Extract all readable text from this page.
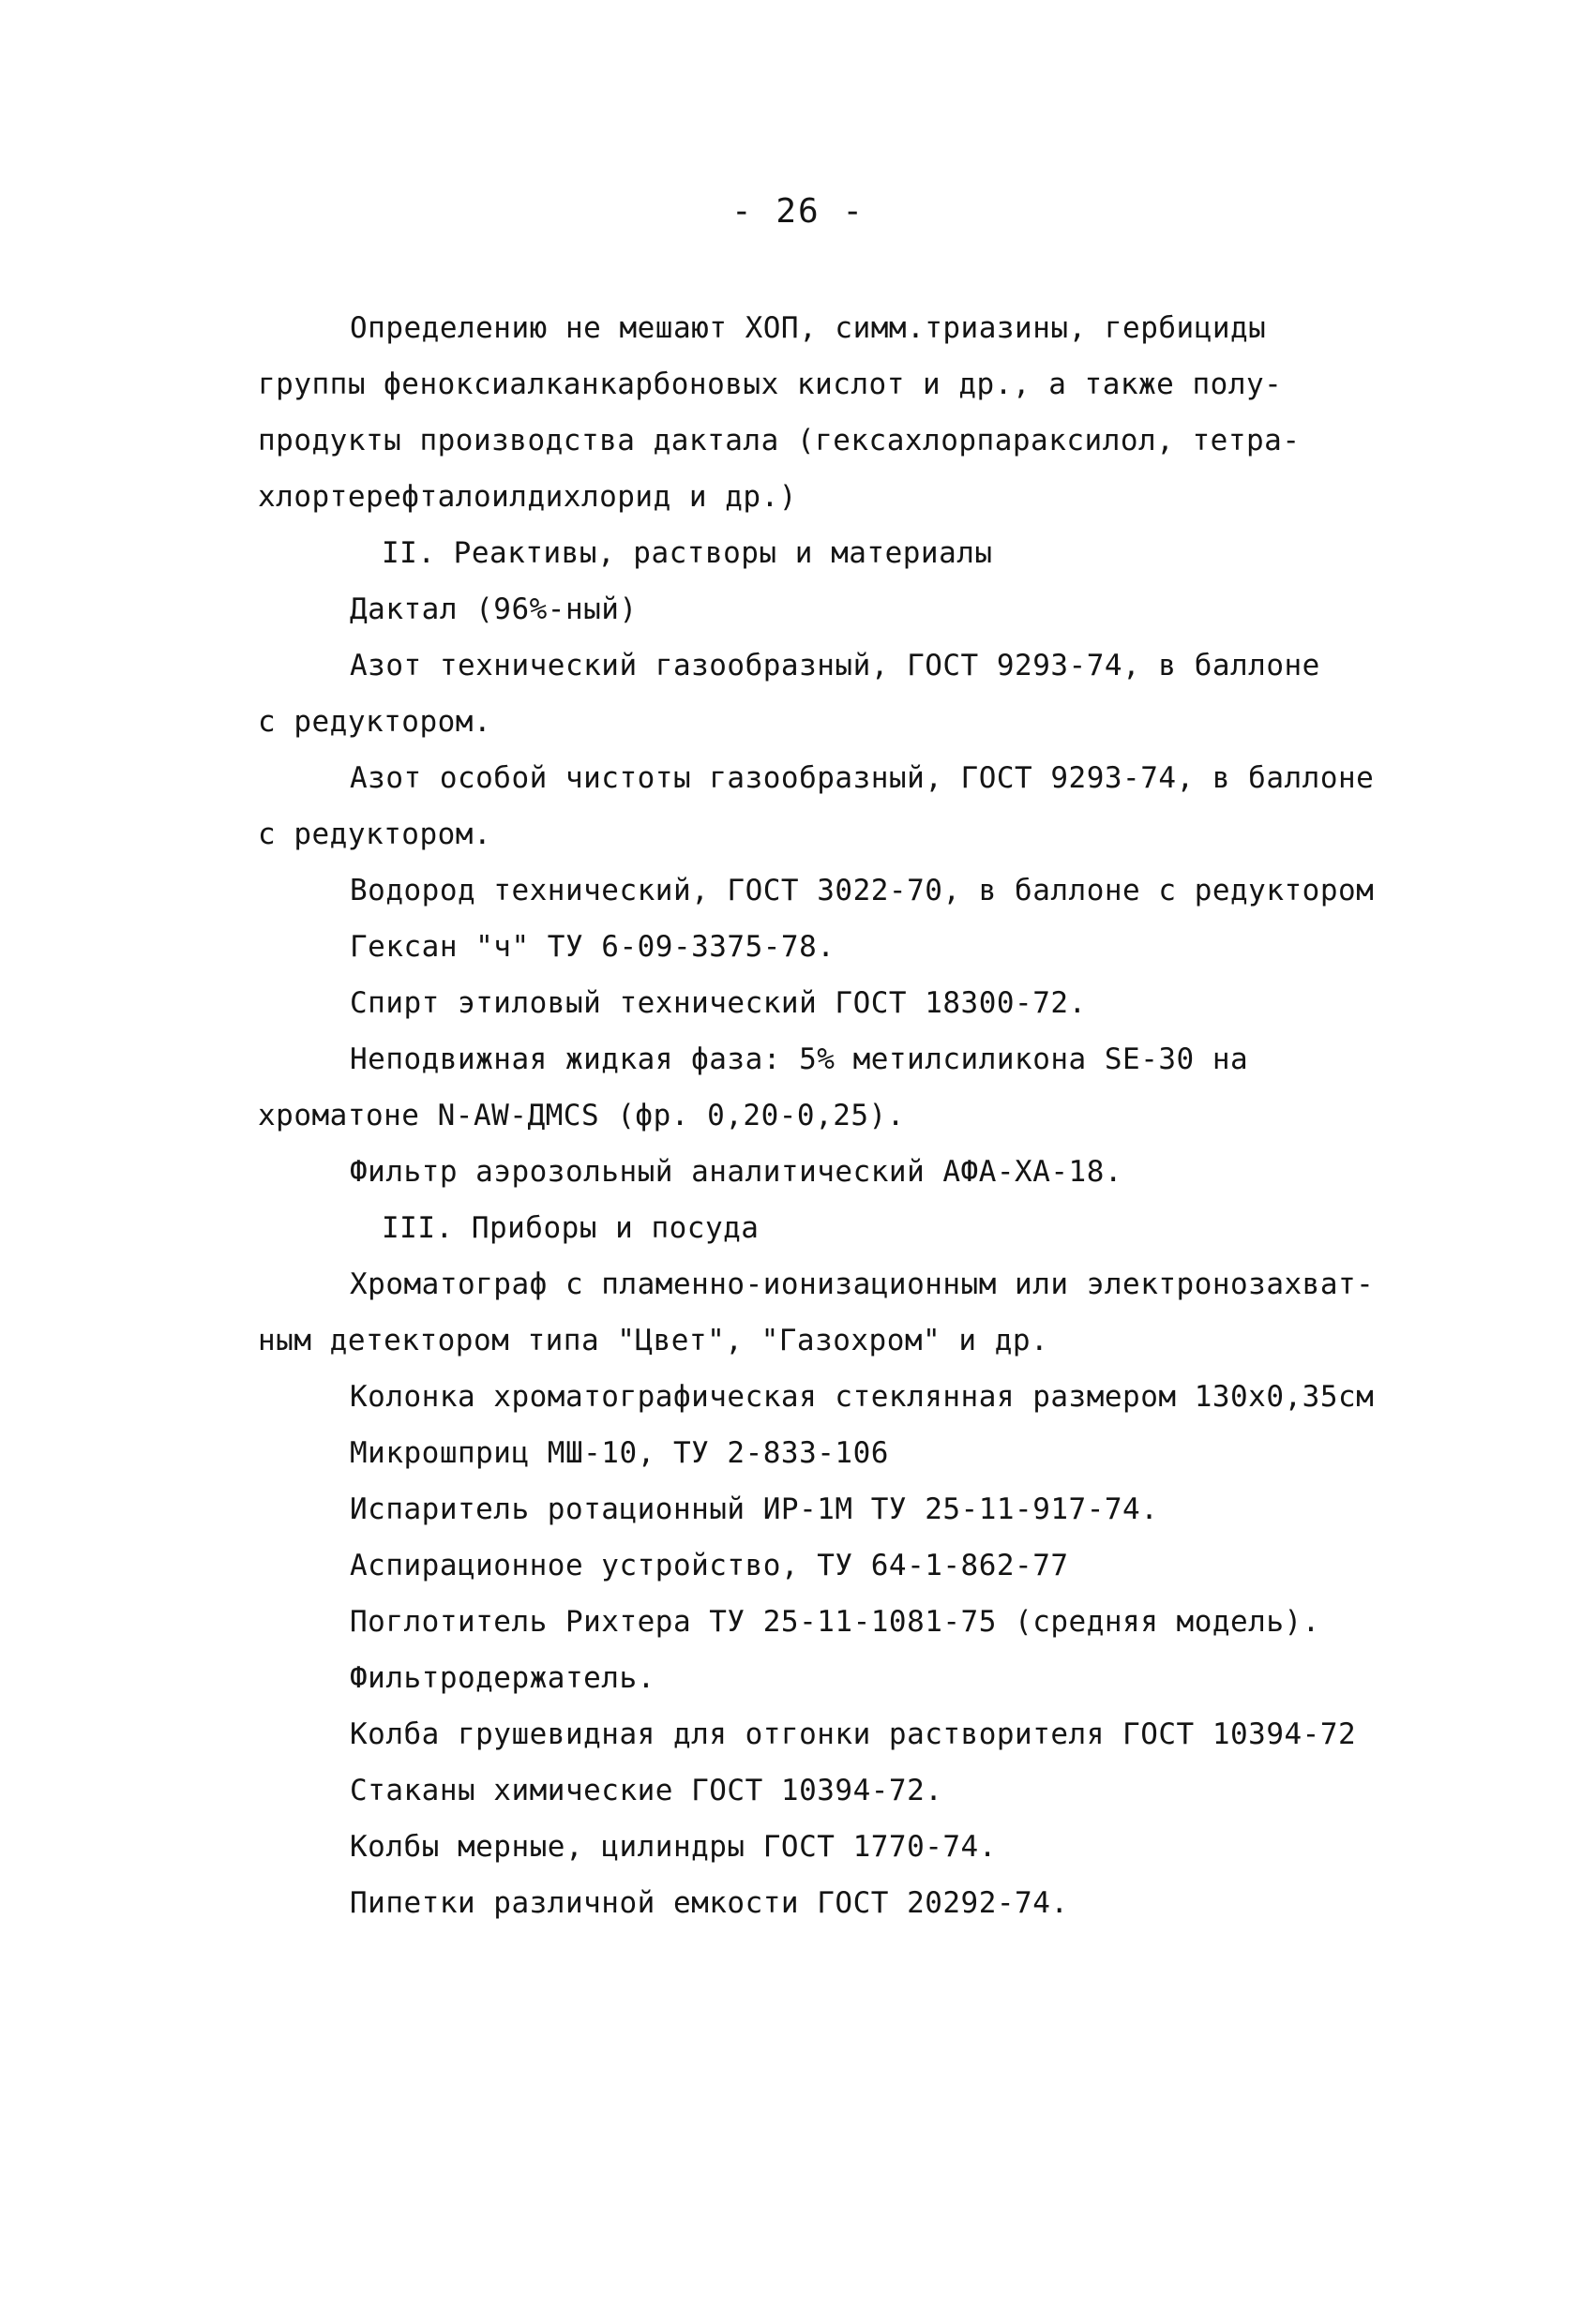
- 26 -
Определению не мешают ХОП, симм.триазины, гербициды
группы феноксиалканкарбоновых кислот и др., а также полу-
продукты производства дактала (гексахлорпараксилол, тетра-
хлортерефталоилдихлорид и др.)
II. Реактивы, растворы и материалы
Дактал (96%-ный)
Азот технический газообразный, ГОСТ 9293-74, в баллоне
с редуктором.
Азот особой чистоты газообразный, ГОСТ 9293-74, в баллоне
с редуктором.
Водород технический, ГОСТ 3022-70, в баллоне с редуктором
Гексан "ч" ТУ 6-09-3375-78.
Спирт этиловый технический ГОСТ 18300-72.
Неподвижная жидкая фаза: 5% метилсиликона SE-30 на
хроматоне N-AW-ДМСS (фр. 0,20-0,25).
Фильтр аэрозольный аналитический АФА-ХА-18.
III. Приборы и посуда
Хроматограф с пламенно-ионизационным или электронозахват-
ным детектором типа "Цвет", "Газохром" и др.
Колонка хроматографическая стеклянная размером 130х0,35см
Микрошприц МШ-10, ТУ 2-833-106
Испаритель ротационный ИР-1М ТУ 25-11-917-74.
Аспирационное устройство, ТУ 64-1-862-77
Поглотитель Рихтера ТУ 25-11-1081-75 (средняя модель).
Фильтродержатель.
Колба грушевидная для отгонки растворителя ГОСТ 10394-72
Стаканы химические ГОСТ 10394-72.
Колбы мерные, цилиндры ГОСТ 1770-74.
Пипетки различной емкости ГОСТ 20292-74.
